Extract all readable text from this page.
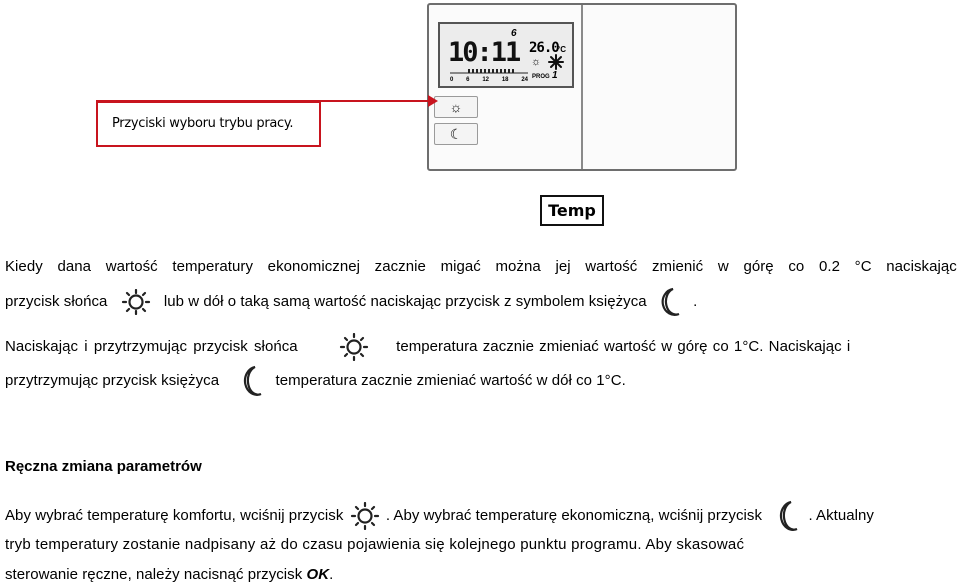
6
10:11 26.0
°C
☼
0 6 12 18 24 PROG 1
☼
☾
Przyciski wyboru trybu pracy.
Temp
Kiedy dana wartość temperatury ekonomicznej zacznie migać można jej wartość zmienić w górę co 0.2 °C naciskając
przycisk słońca	lub w dół o taką samą wartość naciskając przycisk z symbolem księżyca	.
Naciskając i przytrzymując przycisk słońca	temperatura zacznie zmieniać wartość w górę co 1°C. Naciskając i
przytrzymując przycisk księżyca	temperatura zacznie zmieniać wartość w dół co 1°C.
Ręczna zmiana parametrów
Aby wybrać temperaturę komfortu, wciśnij przycisk	. Aby wybrać temperaturę ekonomiczną, wciśnij przycisk	. Aktualny
tryb temperatury zostanie nadpisany aż do czasu pojawienia się kolejnego punktu programu. Aby skasować
sterowanie ręczne, należy nacisnąć przycisk OK.
